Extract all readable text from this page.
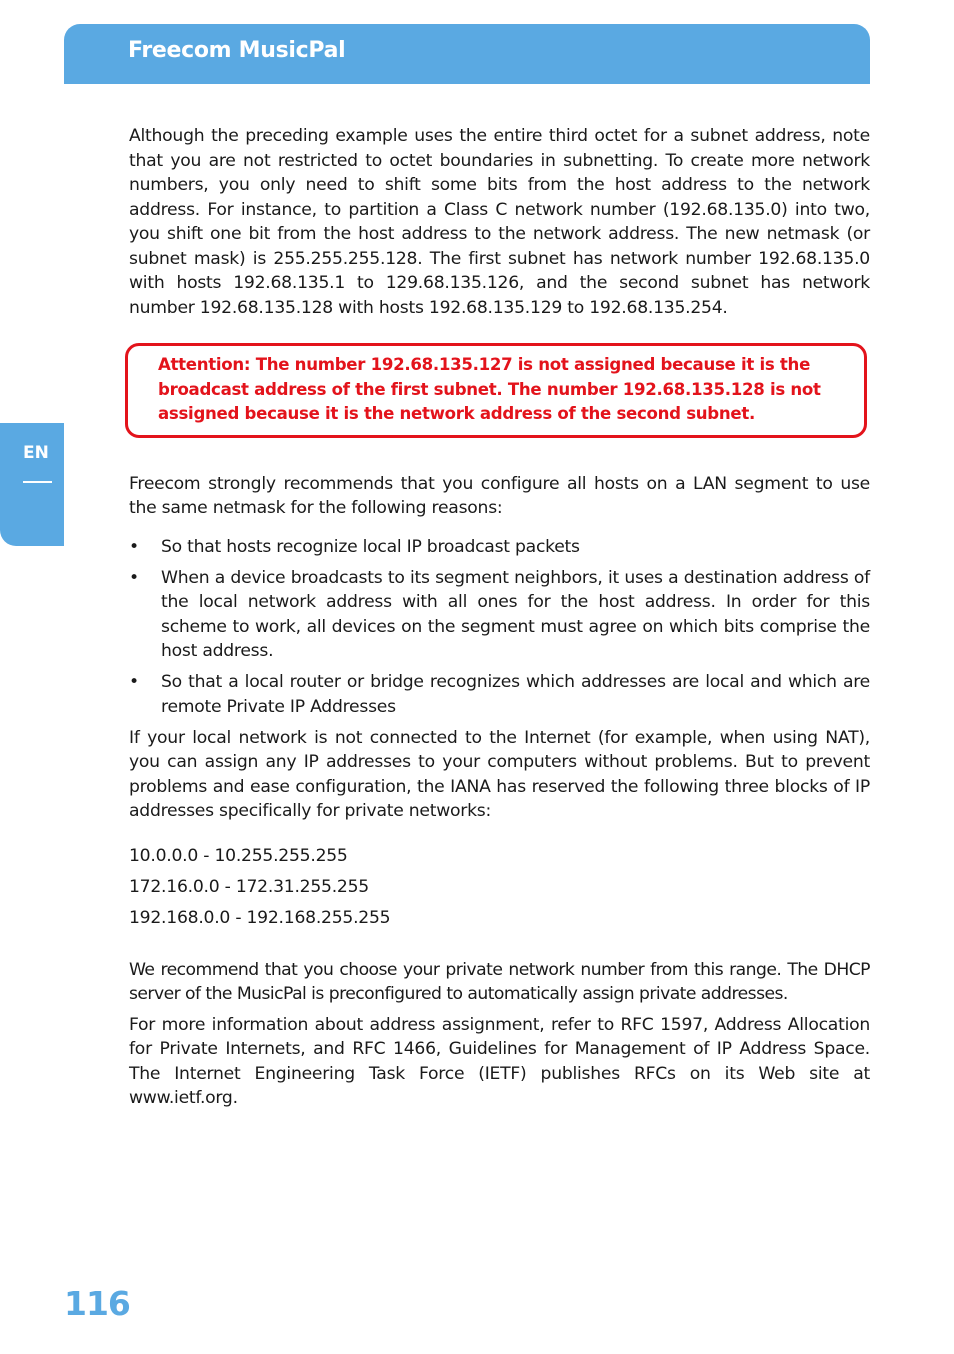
Freecom MusicPal
EN

Although the preceding example uses the entire third octet for a subnet address, note that you are not restricted to octet boundaries in subnetting. To create more network numbers, you only need to shift some bits from the host address to the network address. For instance, to partition a Class C network number (192.68.135.0) into two, you shift one bit from the host address to the network address. The new netmask (or subnet mask) is 255.255.255.128. The first subnet has network number 192.68.135.0 with hosts 192.68.135.1 to 129.68.135.126, and the second subnet has network number 192.68.135.128 with hosts 192.68.135.129 to 192.68.135.254.

Attention: The number 192.68.135.127 is not assigned because it is the broadcast address of the first subnet. The number 192.68.135.128 is not assigned because it is the network address of the second subnet.

Freecom strongly recommends that you configure all hosts on a LAN segment to use the same netmask for the following reasons:

• So that hosts recognize local IP broadcast packets
• When a device broadcasts to its segment neighbors, it uses a destination address of the local network address with all ones for the host address. In order for this scheme to work, all devices on the segment must agree on which bits comprise the host address.
• So that a local router or bridge recognizes which addresses are local and which are remote Private IP Addresses

If your local network is not connected to the Internet (for example, when using NAT), you can assign any IP addresses to your computers without problems. But to prevent problems and ease configuration, the IANA has reserved the following three blocks of IP addresses specifically for private networks:

10.0.0.0 - 10.255.255.255
172.16.0.0 - 172.31.255.255
192.168.0.0 - 192.168.255.255

We recommend that you choose your private network number from this range. The DHCP server of the MusicPal is preconfigured to automatically assign private addresses.

For more information about address assignment, refer to RFC 1597, Address Allocation for Private Internets, and RFC 1466, Guidelines for Management of IP Address Space. The Internet Engineering Task Force (IETF) publishes RFCs on its Web site at www.ietf.org.

116
